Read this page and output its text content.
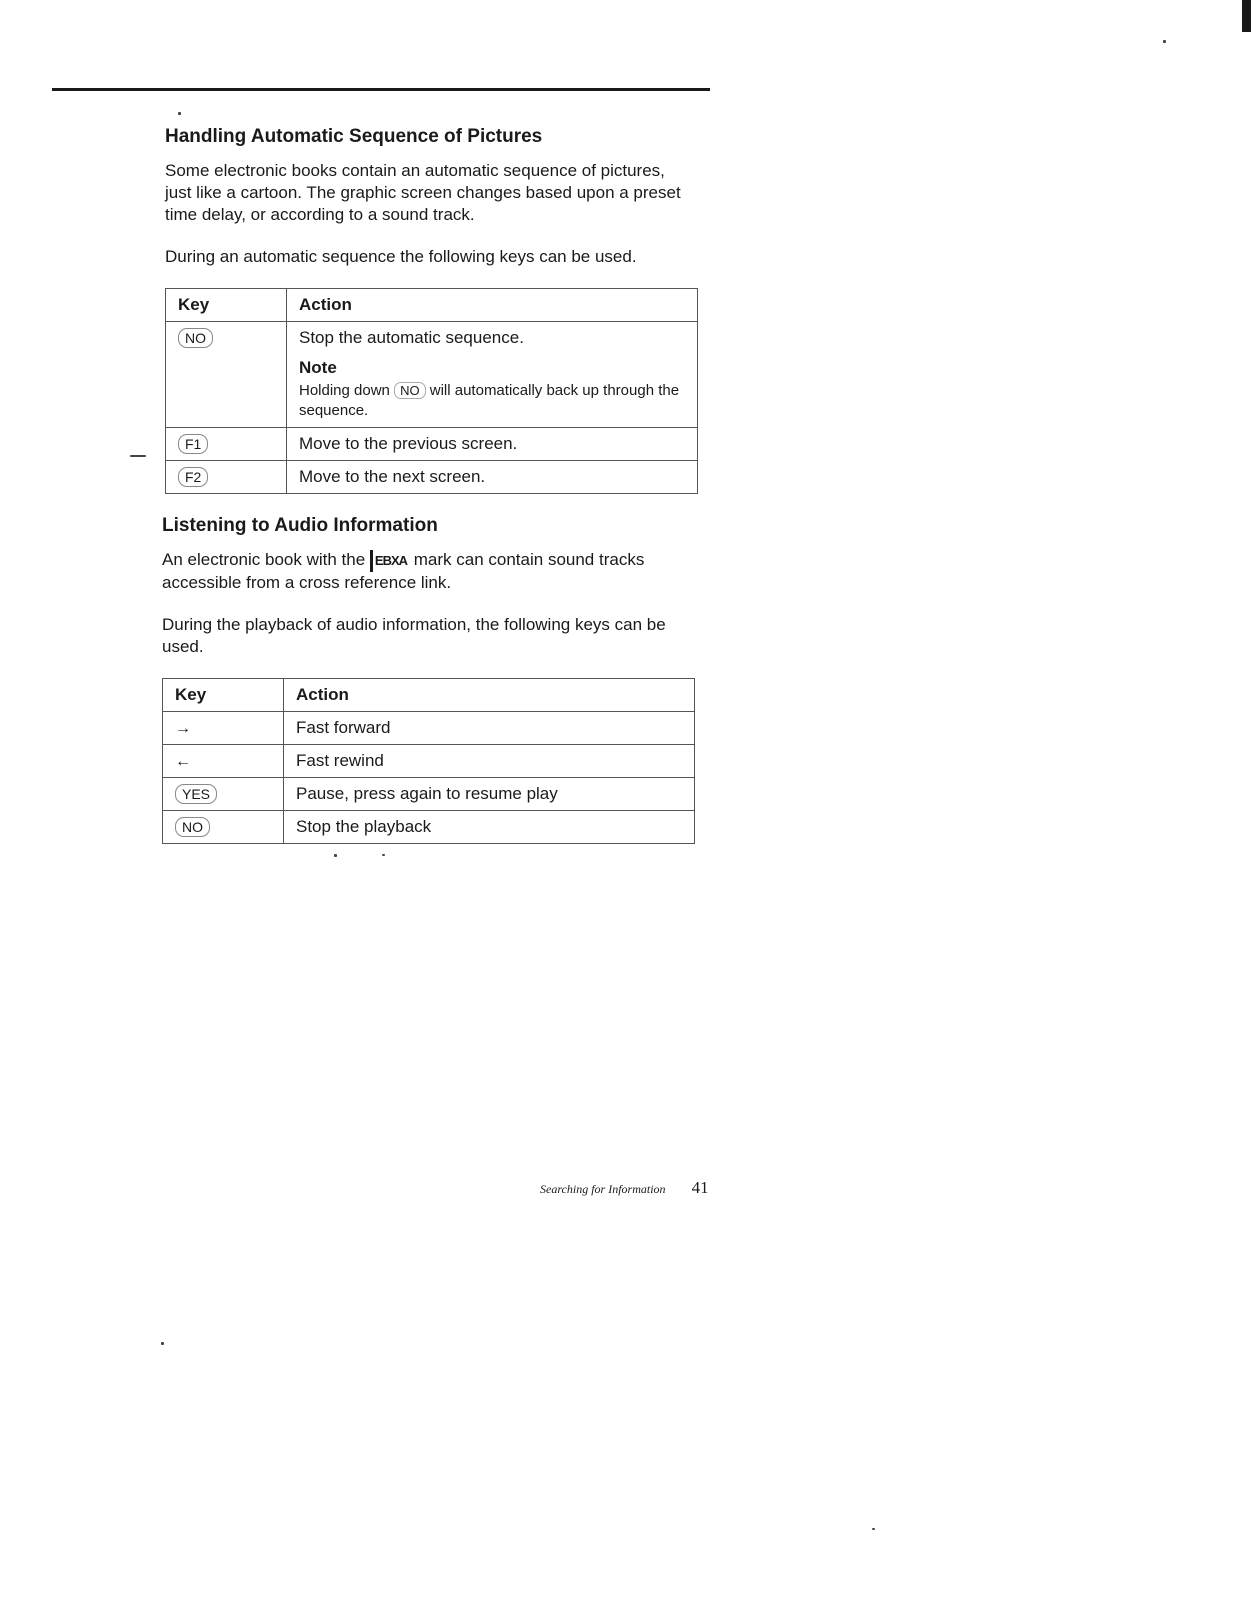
Handling Automatic Sequence of Pictures

Some electronic books contain an automatic sequence of pictures, just like a cartoon. The graphic screen changes based upon a preset time delay, or according to a sound track.

During an automatic sequence the following keys can be used.

Key	Action
NO	Stop the automatic sequence.
Note
Holding down NO will automatically back up through the sequence.

F1	Move to the previous screen.
F2	Move to the next screen.
Listening to Audio Information

An electronic book with the EBXA mark can contain sound tracks accessible from a cross reference link.

During the playback of audio information, the following keys can be used.

Key	Action
→	Fast forward
←	Fast rewind
YES	Pause, press again to resume play
NO	Stop the playback
Searching for Information 41
